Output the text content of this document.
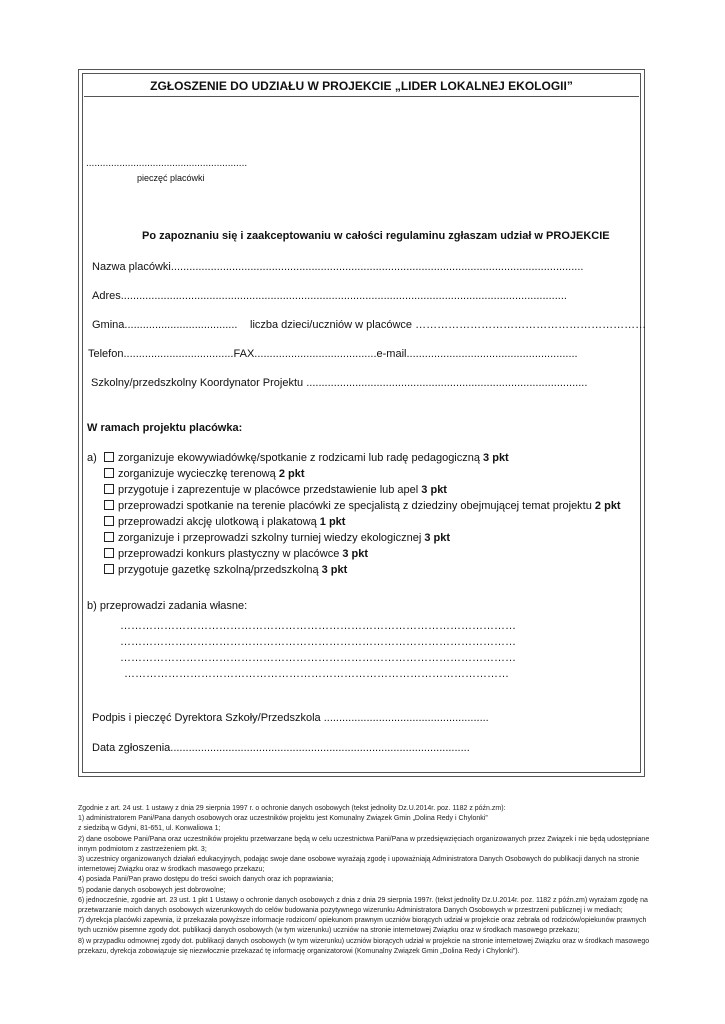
ZGŁOSZENIE DO UDZIAŁU W PROJEKCIE „LIDER LOKALNEJ EKOLOGII”
..........................................................
pieczęć placówki
Po zapoznaniu się i zaakceptowaniu w całości regulaminu zgłaszam udział w PROJEKCIE
Nazwa placówki.......................................................................................................................................
Adres..................................................................................................................................................
Gmina..................................... liczba dzieci/uczniów w placówce ………………………………………………………
Telefon....................................FAX........................................e-mail........................................................
Szkolny/przedszkolny Koordynator Projektu ............................................................................................
W ramach projektu placówka:
a)	zorganizuje ekowywiadówkę/spotkanie z rodzicami lub radę pedagogiczną 3 pkt
zorganizuje wycieczkę terenową 2 pkt
przygotuje i zaprezentuje w placówce przedstawienie lub apel 3 pkt
przeprowadzi spotkanie na terenie placówki ze specjalistą z dziedziny obejmującej temat projektu 2 pkt
przeprowadzi akcję ulotkową i plakatową 1 pkt
zorganizuje i przeprowadzi szkolny turniej wiedzy ekologicznej 3 pkt
przeprowadzi konkurs plastyczny w placówce 3 pkt
przygotuje gazetkę szkolną/przedszkolną 3 pkt
b) przeprowadzi zadania własne:
………………………………………………………………………………………………
………………………………………………………………………………………………
………………………………………………………………………………………………
……………………………………………………………………………………………
Podpis i pieczęć Dyrektora Szkoły/Przedszkola ......................................................
Data zgłoszenia..................................................................................................
Zgodnie z art. 24 ust. 1 ustawy z dnia 29 sierpnia 1997 r. o ochronie danych osobowych (tekst jednolity Dz.U.2014r. poz. 1182 z późn.zm):
1) administratorem Pani/Pana danych osobowych oraz uczestników projektu jest Komunalny Związek Gmin „Dolina Redy i Chylonki”
z siedzibą w Gdyni, 81-651, ul. Konwaliowa 1;
2) dane osobowe Pani/Pana oraz uczestników projektu przetwarzane będą w celu uczestnictwa Pani/Pana w przedsięwzięciach organizowanych przez Związek i nie będą udostępniane
innym podmiotom z zastrzeżeniem pkt. 3;
3) uczestnicy organizowanych działań edukacyjnych, podając swoje dane osobowe wyrażają zgodę i upoważniają Administratora Danych Osobowych do publikacji danych na stronie internetowej Związku oraz w środkach masowego przekazu;
4) posiada Pani/Pan prawo dostępu do treści swoich danych oraz ich poprawiania;
5) podanie danych osobowych jest dobrowolne;
6) jednocześnie, zgodnie art. 23 ust. 1 pkt 1 Ustawy o ochronie danych osobowych z dnia z dnia 29 sierpnia 1997r. (tekst jednolity Dz.U.2014r. poz. 1182 z późn.zm) wyrażam zgodę na przetwarzanie moich danych osobowych wizerunkowych do celów budowania pozytywnego wizerunku Administratora Danych Osobowych w przestrzeni publicznej i w mediach;
7) dyrekcja placówki zapewnia, iż przekazała powyższe informacje rodzicom/ opiekunom prawnym uczniów biorących udział w projekcie oraz zebrała od rodziców/opiekunów prawnych tych uczniów pisemne zgody dot. publikacji danych osobowych (w tym wizerunku) uczniów na stronie internetowej Związku oraz w środkach masowego przekazu;
8) w przypadku odmownej zgody dot. publikacji danych osobowych (w tym wizerunku) uczniów biorących udział w projekcie na stronie internetowej Związku oraz w środkach masowego przekazu, dyrekcja zobowiązuje się niezwłocznie przekazać tę informację organizatorowi (Komunalny Związek Gmin „Dolina Redy i Chylonki”).
